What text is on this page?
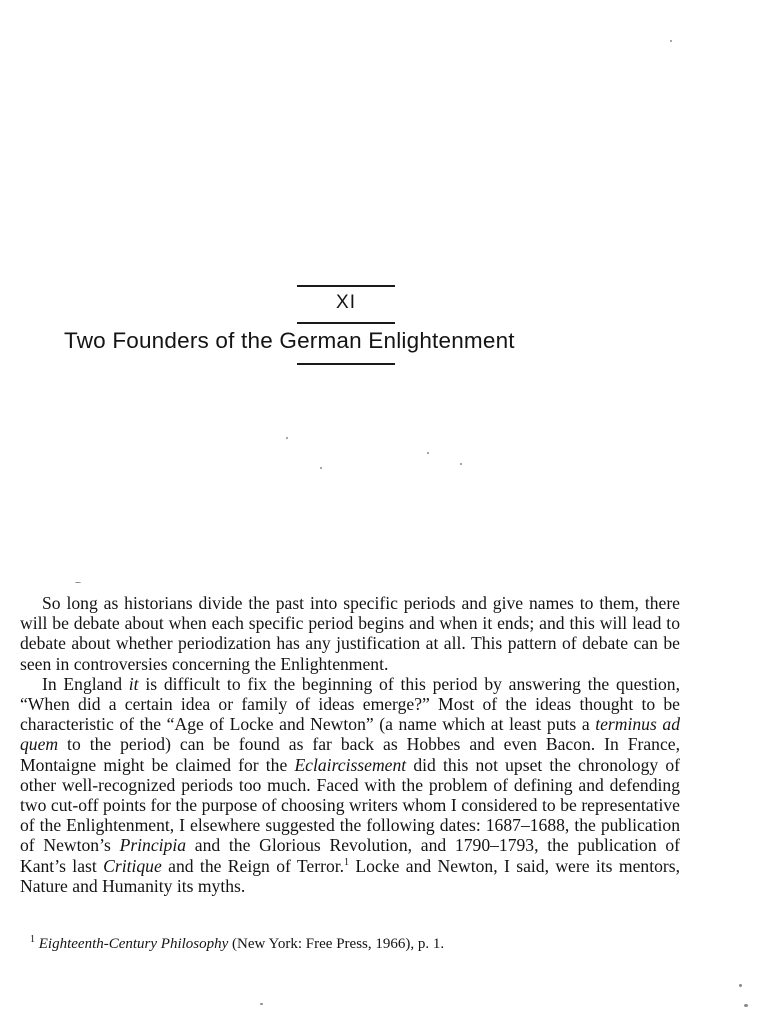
XI
Two Founders of the German Enlightenment

So long as historians divide the past into specific periods and give names to them, there will be debate about when each specific period begins and when it ends; and this will lead to debate about whether periodization has any justification at all. This pattern of debate can be seen in controversies concerning the Enlightenment.

In England it is difficult to fix the beginning of this period by answering the question, “When did a certain idea or family of ideas emerge?” Most of the ideas thought to be characteristic of the “Age of Locke and Newton” (a name which at least puts a terminus ad quem to the period) can be found as far back as Hobbes and even Bacon. In France, Montaigne might be claimed for the Eclaircissement did this not upset the chronology of other well-recognized periods too much. Faced with the problem of defining and defending two cut-off points for the purpose of choosing writers whom I considered to be representative of the Enlightenment, I elsewhere suggested the following dates: 1687–1688, the publication of Newton’s Principia and the Glorious Revolution, and 1790–1793, the publication of Kant’s last Critique and the Reign of Terror.$^1$ Locke and Newton, I said, were its mentors, Nature and Humanity its myths.

$^1$ Eighteenth-Century Philosophy (New York: Free Press, 1966), p. 1.
